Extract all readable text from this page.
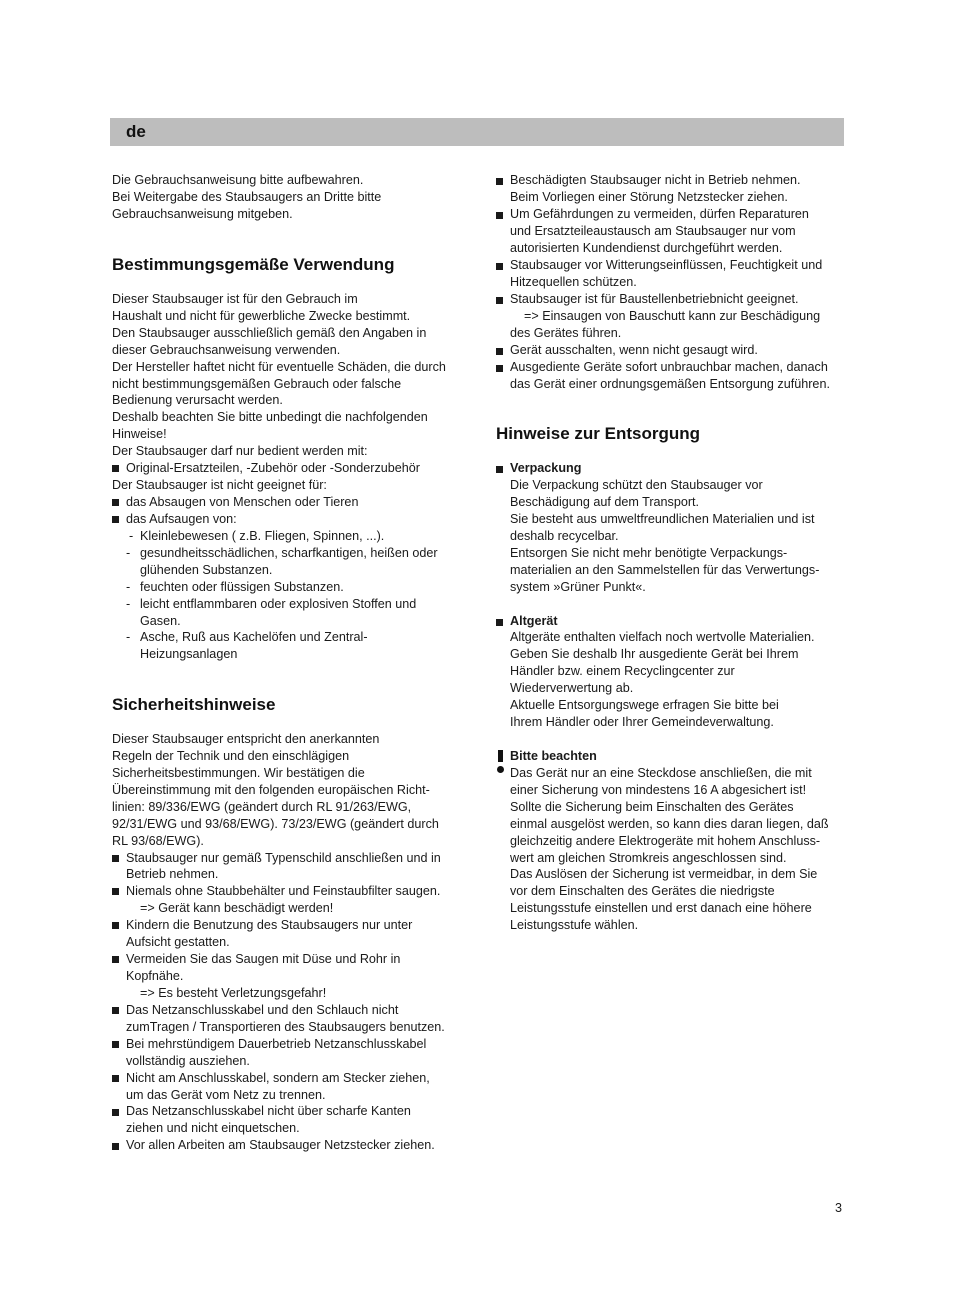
de
Die Gebrauchsanweisung bitte aufbewahren.
Bei Weitergabe des Staubsaugers an Dritte bitte
Gebrauchsanweisung mitgeben.
Bestimmungsgemäße Verwendung
Dieser Staubsauger ist für den Gebrauch im
Haushalt und nicht für gewerbliche Zwecke bestimmt.
Den Staubsauger ausschließlich gemäß den Angaben in
dieser Gebrauchsanweisung verwenden.
Der Hersteller haftet nicht für eventuelle Schäden, die durch
nicht bestimmungsgemäßen Gebrauch oder falsche
Bedienung verursacht werden.
Deshalb beachten Sie bitte unbedingt die nachfolgenden
Hinweise!
Der Staubsauger darf nur bedient werden mit:
Original-Ersatzteilen, -Zubehör oder -Sonderzubehör
Der Staubsauger ist nicht geeignet für:
das Absaugen von Menschen oder Tieren
das Aufsaugen von:
- Kleinlebewesen ( z.B. Fliegen, Spinnen, ...).
- gesundheitsschädlichen, scharfkantigen, heißen oder
glühenden Substanzen.
- feuchten oder flüssigen Substanzen.
- leicht entflammbaren oder explosiven Stoffen und
Gasen.
- Asche, Ruß aus Kachelöfen und Zentral-
Heizungsanlagen
Sicherheitshinweise
Dieser Staubsauger entspricht den anerkannten
Regeln der Technik und den einschlägigen
Sicherheitsbestimmungen. Wir bestätigen die
Übereinstimmung mit den folgenden europäischen Richt-
linien: 89/336/EWG (geändert durch RL 91/263/EWG,
92/31/EWG und 93/68/EWG). 73/23/EWG (geändert durch
RL 93/68/EWG).
Staubsauger nur gemäß Typenschild anschließen und in
Betrieb nehmen.
Niemals ohne Staubbehälter und Feinstaubfilter saugen.
=> Gerät kann beschädigt werden!
Kindern die Benutzung des Staubsaugers nur unter
Aufsicht gestatten.
Vermeiden Sie das Saugen mit Düse und Rohr in
Kopfnähe.
=> Es besteht Verletzungsgefahr!
Das Netzanschlusskabel und den Schlauch nicht
zumTragen / Transportieren des Staubsaugers benutzen.
Bei mehrstündigem Dauerbetrieb Netzanschlusskabel
vollständig ausziehen.
Nicht am Anschlusskabel, sondern am Stecker ziehen,
um das Gerät vom Netz zu trennen.
Das Netzanschlusskabel nicht über scharfe Kanten
ziehen und nicht einquetschen.
Vor allen Arbeiten am Staubsauger Netzstecker ziehen.
Beschädigten Staubsauger nicht in Betrieb nehmen.
Beim Vorliegen einer Störung Netzstecker ziehen.
Um Gefährdungen zu vermeiden, dürfen Reparaturen
und Ersatzteileaustausch am Staubsauger nur vom
autorisierten Kundendienst durchgeführt werden.
Staubsauger vor Witterungseinflüssen, Feuchtigkeit und
Hitzequellen schützen.
Staubsauger ist für Baustellenbetriebnicht geeignet.
=> Einsaugen von Bauschutt kann zur Beschädigung
des Gerätes führen.
Gerät ausschalten, wenn nicht gesaugt wird.
Ausgediente Geräte sofort unbrauchbar machen, danach
das Gerät einer ordnungsgemäßen Entsorgung zuführen.
Hinweise zur Entsorgung
Verpackung
Die Verpackung schützt den Staubsauger vor
Beschädigung auf dem Transport.
Sie besteht aus umweltfreundlichen Materialien und ist
deshalb recycelbar.
Entsorgen Sie nicht mehr benötigte Verpackungs-
materialien an den Sammelstellen für das Verwertungs-
system »Grüner Punkt«.
Altgerät
Altgeräte enthalten vielfach noch wertvolle Materialien.
Geben Sie deshalb Ihr ausgediente Gerät bei Ihrem
Händler bzw. einem Recyclingcenter zur
Wiederverwertung ab.
Aktuelle Entsorgungswege erfragen Sie bitte bei
Ihrem Händler oder Ihrer Gemeindeverwaltung.
Bitte beachten
Das Gerät nur an eine Steckdose anschließen, die mit
einer Sicherung von mindestens 16 A abgesichert ist!
Sollte die Sicherung beim Einschalten des Gerätes
einmal ausgelöst werden, so kann dies daran liegen, daß
gleichzeitig andere Elektrogeräte mit hohem Anschluss-
wert am gleichen Stromkreis angeschlossen sind.
Das Auslösen der Sicherung ist vermeidbar, in dem Sie
vor dem Einschalten des Gerätes die niedrigste
Leistungsstufe einstellen und erst danach eine höhere
Leistungsstufe wählen.
3
